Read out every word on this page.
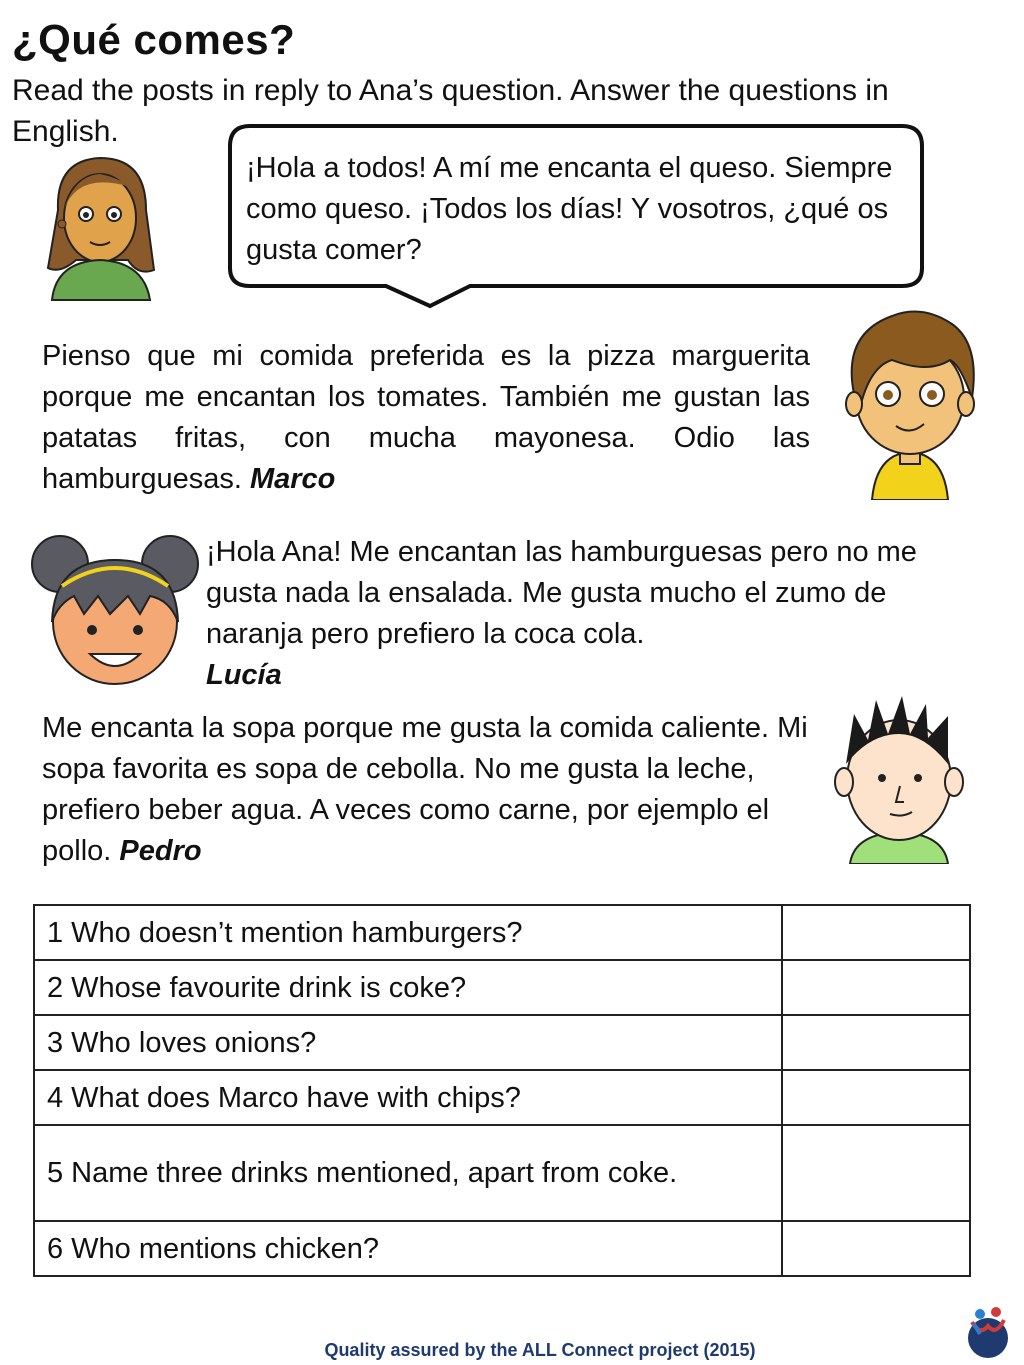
¿Qué comes?
Read the posts in reply to Ana’s question. Answer the questions in English.
¡Hola a todos! A mí me encanta el queso. Siempre como queso. ¡Todos los días! Y vosotros, ¿qué os gusta comer?
Pienso que mi comida preferida es la pizza marguerita porque me encantan los tomates. También me gustan las patatas fritas, con mucha mayonesa. Odio las hamburguesas. Marco
¡Hola Ana! Me encantan las hamburguesas pero no me gusta nada la ensalada. Me gusta mucho el zumo de naranja pero prefiero la coca cola.
Lucía
Me encanta la sopa porque me gusta la comida caliente. Mi sopa favorita es sopa de cebolla. No me gusta la leche, prefiero beber agua. A veces como carne, por ejemplo el pollo. Pedro
1 Who doesn’t mention hamburgers?	
2 Whose favourite drink is coke?	
3 Who loves onions?	
4 What does Marco have with chips?	
5 Name three drinks mentioned, apart from coke.	
6 Who mentions chicken?	
Quality assured by the ALL Connect project (2015)
